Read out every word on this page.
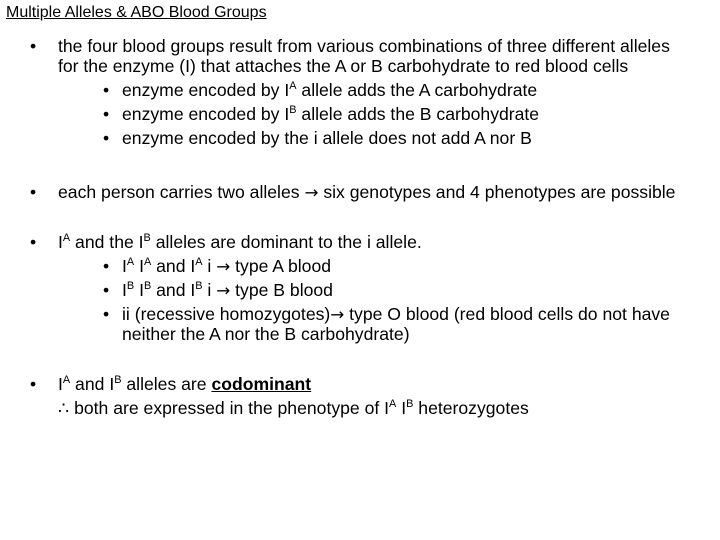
Multiple Alleles & ABO Blood Groups
• the four blood groups result from various combinations of three different alleles for the enzyme (I) that attaches the A or B carbohydrate to red blood cells
• enzyme encoded by $I^A$ allele adds the A carbohydrate
• enzyme encoded by $I^B$ allele adds the B carbohydrate
• enzyme encoded by the i allele does not add A nor B
• each person carries two alleles → six genotypes and 4 phenotypes are possible
• $I^A$ and the $I^B$ alleles are dominant to the i allele.
• $I^A$ $I^A$ and $I^A$ i → type A blood
• $I^B$ $I^B$ and $I^B$ i → type B blood
• ii (recessive homozygotes)→ type O blood (red blood cells do not have neither the A nor the B carbohydrate)
• $I^A$ and $I^B$ alleles are codominant
∴ both are expressed in the phenotype of $I^A$ $I^B$ heterozygotes
